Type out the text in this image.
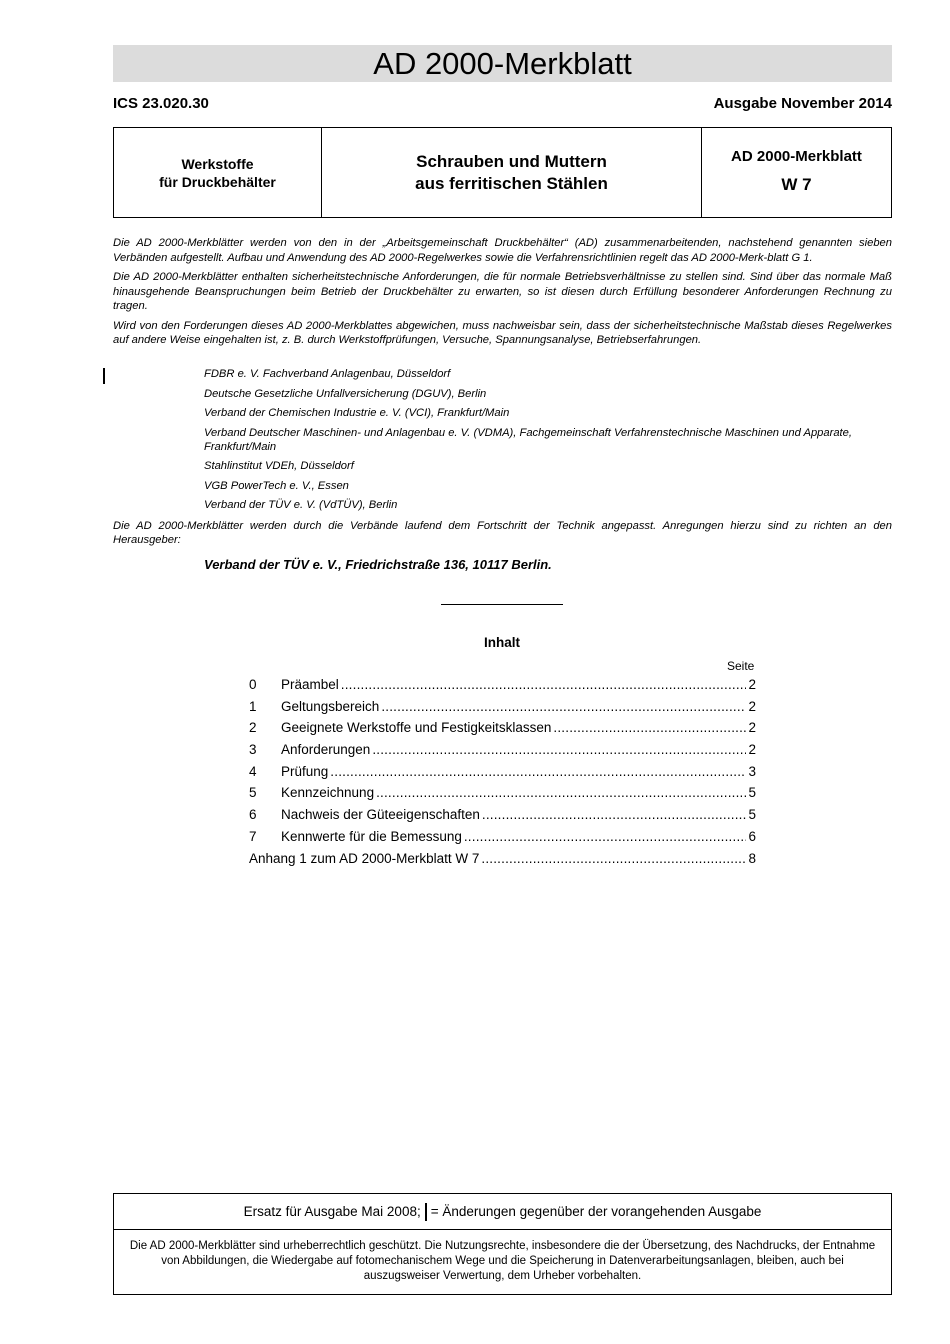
AD 2000-Merkblatt
ICS 23.020.30	Ausgabe November 2014
Werkstoffe
für Druckbehälter
Schrauben und Muttern
aus ferritischen Stählen
AD 2000-Merkblatt
W 7

Die AD 2000-Merkblätter werden von den in der „Arbeitsgemeinschaft Druckbehälter“ (AD) zusammenarbeitenden, nachstehend genannten sieben Verbänden aufgestellt. Aufbau und Anwendung des AD 2000-Regelwerkes sowie die Verfahrensrichtlinien regelt das AD 2000-Merk-blatt G 1.

Die AD 2000-Merkblätter enthalten sicherheitstechnische Anforderungen, die für normale Betriebsverhältnisse zu stellen sind. Sind über das normale Maß hinausgehende Beanspruchungen beim Betrieb der Druckbehälter zu erwarten, so ist diesen durch Erfüllung besonderer Anforderungen Rechnung zu tragen.

Wird von den Forderungen dieses AD 2000-Merkblattes abgewichen, muss nachweisbar sein, dass der sicherheitstechnische Maßstab dieses Regelwerkes auf andere Weise eingehalten ist, z. B. durch Werkstoffprüfungen, Versuche, Spannungsanalyse, Betriebserfahrungen.

FDBR e. V. Fachverband Anlagenbau, Düsseldorf
Deutsche Gesetzliche Unfallversicherung (DGUV), Berlin
Verband der Chemischen Industrie e. V. (VCI), Frankfurt/Main
Verband Deutscher Maschinen- und Anlagenbau e. V. (VDMA), Fachgemeinschaft Verfahrenstechnische Maschinen und Apparate, Frankfurt/Main
Stahlinstitut VDEh, Düsseldorf
VGB PowerTech e. V., Essen
Verband der TÜV e. V. (VdTÜV), Berlin
Die AD 2000-Merkblätter werden durch die Verbände laufend dem Fortschritt der Technik angepasst. Anregungen hierzu sind zu richten an den Herausgeber:
Verband der TÜV e. V., Friedrichstraße 136, 10117 Berlin.
Inhalt
Seite
0	Präambel .....	2
1	Geltungsbereich .....	2
2	Geeignete Werkstoffe und Festigkeitsklassen .....	2
3	Anforderungen .....	2
4	Prüfung .....	3
5	Kennzeichnung .....	5
6	Nachweis der Güteeigenschaften .....	5
7	Kennwerte für die Bemessung .....	6
Anhang 1 zum AD 2000-Merkblatt W 7 .....	8
Ersatz für Ausgabe Mai 2008; = Änderungen gegenüber der vorangehenden Ausgabe
Die AD 2000-Merkblätter sind urheberrechtlich geschützt. Die Nutzungsrechte, insbesondere die der Übersetzung, des Nachdrucks, der Entnahme von Abbildungen, die Wiedergabe auf fotomechanischem Wege und die Speicherung in Datenverarbeitungsanlagen, bleiben, auch bei auszugsweiser Verwertung, dem Urheber vorbehalten.
